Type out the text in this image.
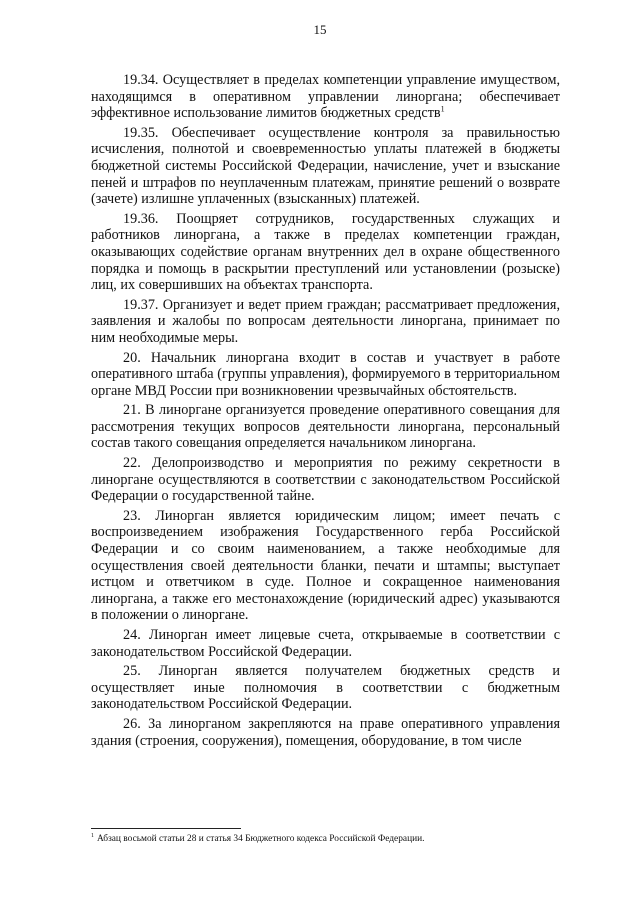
15

19.34. Осуществляет в пределах компетенции управление имуществом, находящимся в оперативном управлении линоргана; обеспечивает эффективное использование лимитов бюджетных средств$^1$

19.35. Обеспечивает осуществление контроля за правильностью исчисления, полнотой и своевременностью уплаты платежей в бюджеты бюджетной системы Российской Федерации, начисление, учет и взыскание пеней и штрафов по неуплаченным платежам, принятие решений о возврате (зачете) излишне уплаченных (взысканных) платежей.

19.36. Поощряет сотрудников, государственных служащих и работников линоргана, а также в пределах компетенции граждан, оказывающих содействие органам внутренних дел в охране общественного порядка и помощь в раскрытии преступлений или установлении (розыске) лиц, их совершивших на объектах транспорта.

19.37. Организует и ведет прием граждан; рассматривает предложения, заявления и жалобы по вопросам деятельности линоргана, принимает по ним необходимые меры.

20. Начальник линоргана входит в состав и участвует в работе оперативного штаба (группы управления), формируемого в территориальном органе МВД России при возникновении чрезвычайных обстоятельств.

21. В линоргане организуется проведение оперативного совещания для рассмотрения текущих вопросов деятельности линоргана, персональный состав такого совещания определяется начальником линоргана.

22. Делопроизводство и мероприятия по режиму секретности в линоргане осуществляются в соответствии с законодательством Российской Федерации о государственной тайне.

23. Линорган является юридическим лицом; имеет печать с воспроизведением изображения Государственного герба Российской Федерации и со своим наименованием, а также необходимые для осуществления своей деятельности бланки, печати и штампы; выступает истцом и ответчиком в суде. Полное и сокращенное наименования линоргана, а также его местонахождение (юридический адрес) указываются в положении о линоргане.

24. Линорган имеет лицевые счета, открываемые в соответствии с законодательством Российской Федерации.

25. Линорган является получателем бюджетных средств и осуществляет иные полномочия в соответствии с бюджетным законодательством Российской Федерации.

26. За линорганом закрепляются на праве оперативного управления здания (строения, сооружения), помещения, оборудование, в том числе

$^1$ Абзац восьмой статьи 28 и статья 34 Бюджетного кодекса Российской Федерации.
